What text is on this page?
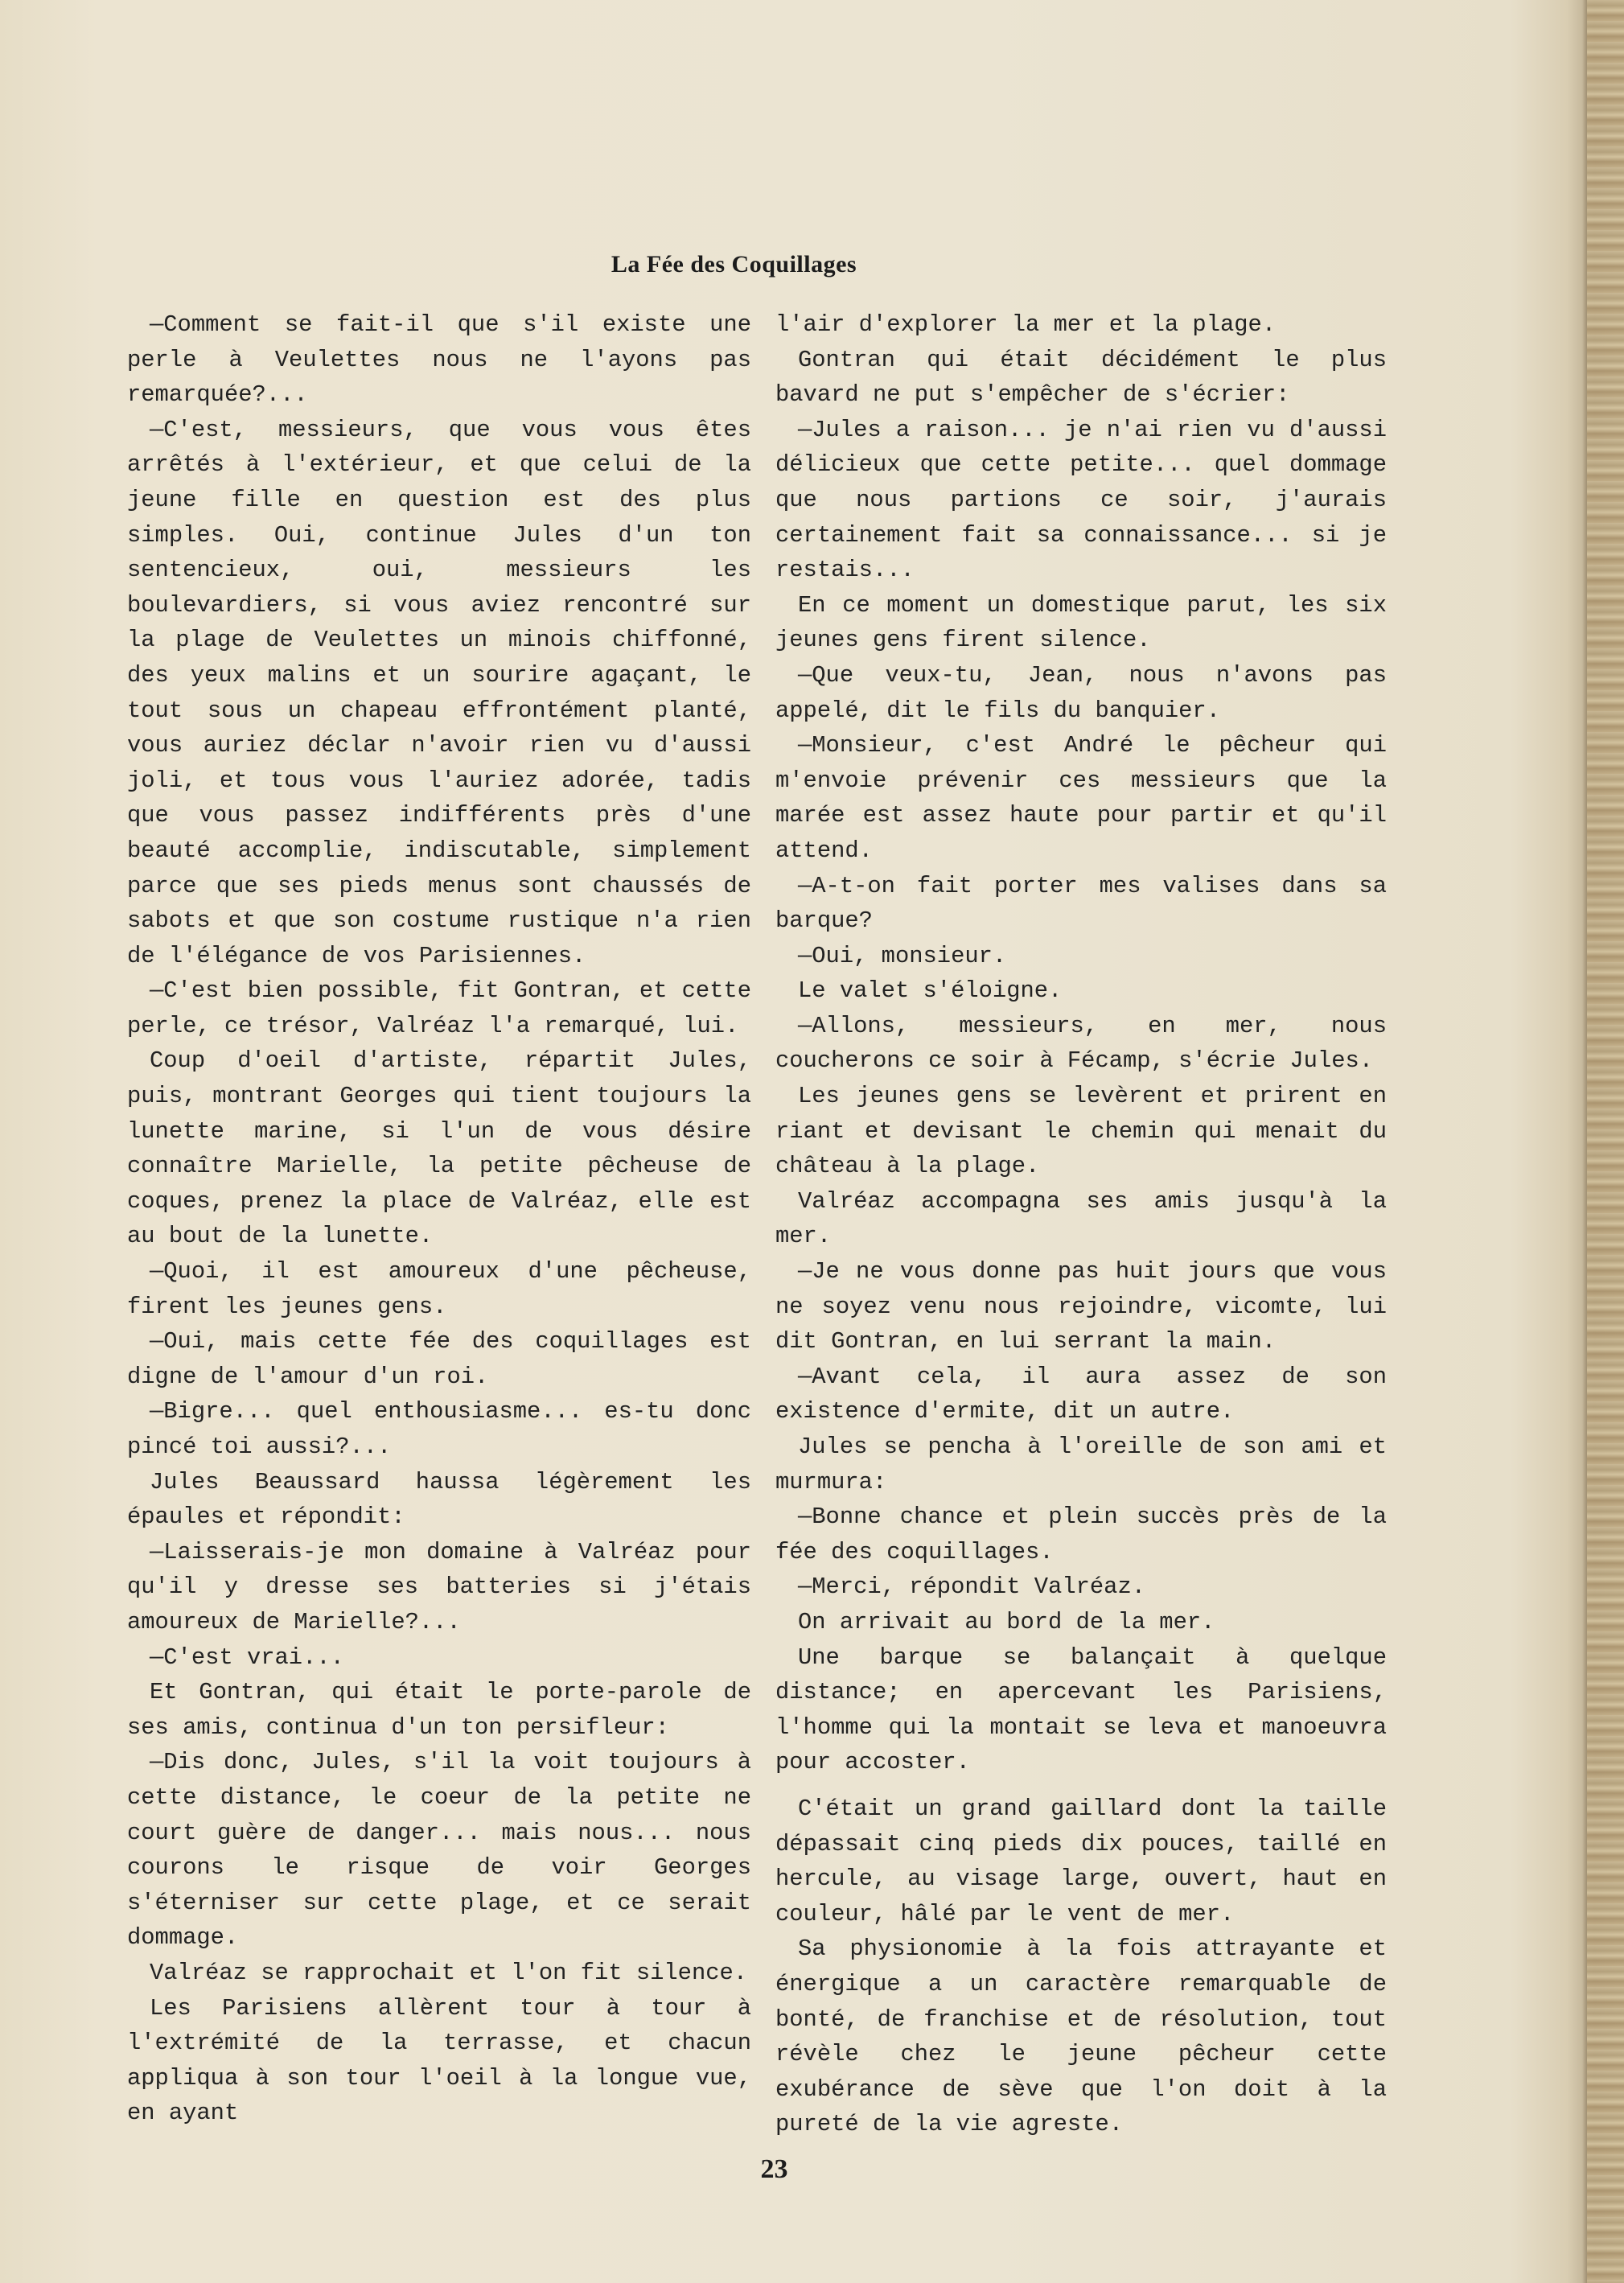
La Fée des Coquillages

—Comment se fait-il que s'il existe une perle à Veulettes nous ne l'ayons pas remarquée?...

—C'est, messieurs, que vous vous êtes arrêtés à l'extérieur, et que celui de la jeune fille en question est des plus simples. Oui, continue Jules d'un ton sentencieux, oui, messieurs les boulevardiers, si vous aviez rencontré sur la plage de Veulettes un minois chiffonné, des yeux malins et un sourire agaçant, le tout sous un chapeau effrontément planté, vous auriez déclar n'avoir rien vu d'aussi joli, et tous vous l'auriez adorée, tadis que vous passez indifférents près d'une beauté accomplie, indiscutable, simplement parce que ses pieds menus sont chaussés de sabots et que son costume rustique n'a rien de l'élégance de vos Parisiennes.

—C'est bien possible, fit Gontran, et cette perle, ce trésor, Valréaz l'a remarqué, lui.

Coup d'oeil d'artiste, répartit Jules, puis, montrant Georges qui tient toujours la lunette marine, si l'un de vous désire connaître Marielle, la petite pêcheuse de coques, prenez la place de Valréaz, elle est au bout de la lunette.

—Quoi, il est amoureux d'une pêcheuse, firent les jeunes gens.

—Oui, mais cette fée des coquillages est digne de l'amour d'un roi.

—Bigre... quel enthousiasme... es-tu donc pincé toi aussi?...

Jules Beaussard haussa légèrement les épaules et répondit:

—Laisserais-je mon domaine à Valréaz pour qu'il y dresse ses batteries si j'étais amoureux de Marielle?...

—C'est vrai...

Et Gontran, qui était le porte-parole de ses amis, continua d'un ton persifleur:

—Dis donc, Jules, s'il la voit toujours à cette distance, le coeur de la petite ne court guère de danger... mais nous... nous courons le risque de voir Georges s'éterniser sur cette plage, et ce serait dommage.

Valréaz se rapprochait et l'on fit silence.

Les Parisiens allèrent tour à tour à l'extrémité de la terrasse, et chacun appliqua à son tour l'oeil à la longue vue, en ayant

l'air d'explorer la mer et la plage.

Gontran qui était décidément le plus bavard ne put s'empêcher de s'écrier:

—Jules a raison... je n'ai rien vu d'aussi délicieux que cette petite... quel dommage que nous partions ce soir, j'aurais certainement fait sa connaissance... si je restais...

En ce moment un domestique parut, les six jeunes gens firent silence.

—Que veux-tu, Jean, nous n'avons pas appelé, dit le fils du banquier.

—Monsieur, c'est André le pêcheur qui m'envoie prévenir ces messieurs que la marée est assez haute pour partir et qu'il attend.

—A-t-on fait porter mes valises dans sa barque?

—Oui, monsieur.

Le valet s'éloigne.

—Allons, messieurs, en mer, nous coucherons ce soir à Fécamp, s'écrie Jules.

Les jeunes gens se levèrent et prirent en riant et devisant le chemin qui menait du château à la plage.

Valréaz accompagna ses amis jusqu'à la mer.

—Je ne vous donne pas huit jours que vous ne soyez venu nous rejoindre, vicomte, lui dit Gontran, en lui serrant la main.

—Avant cela, il aura assez de son existence d'ermite, dit un autre.

Jules se pencha à l'oreille de son ami et murmura:

—Bonne chance et plein succès près de la fée des coquillages.

—Merci, répondit Valréaz.

On arrivait au bord de la mer.

Une barque se balançait à quelque distance; en apercevant les Parisiens, l'homme qui la montait se leva et manoeuvra pour accoster.

C'était un grand gaillard dont la taille dépassait cinq pieds dix pouces, taillé en hercule, au visage large, ouvert, haut en couleur, hâlé par le vent de mer.

Sa physionomie à la fois attrayante et énergique a un caractère remarquable de bonté, de franchise et de résolution, tout révèle chez le jeune pêcheur cette exubérance de sève que l'on doit à la pureté de la vie agreste.

23
